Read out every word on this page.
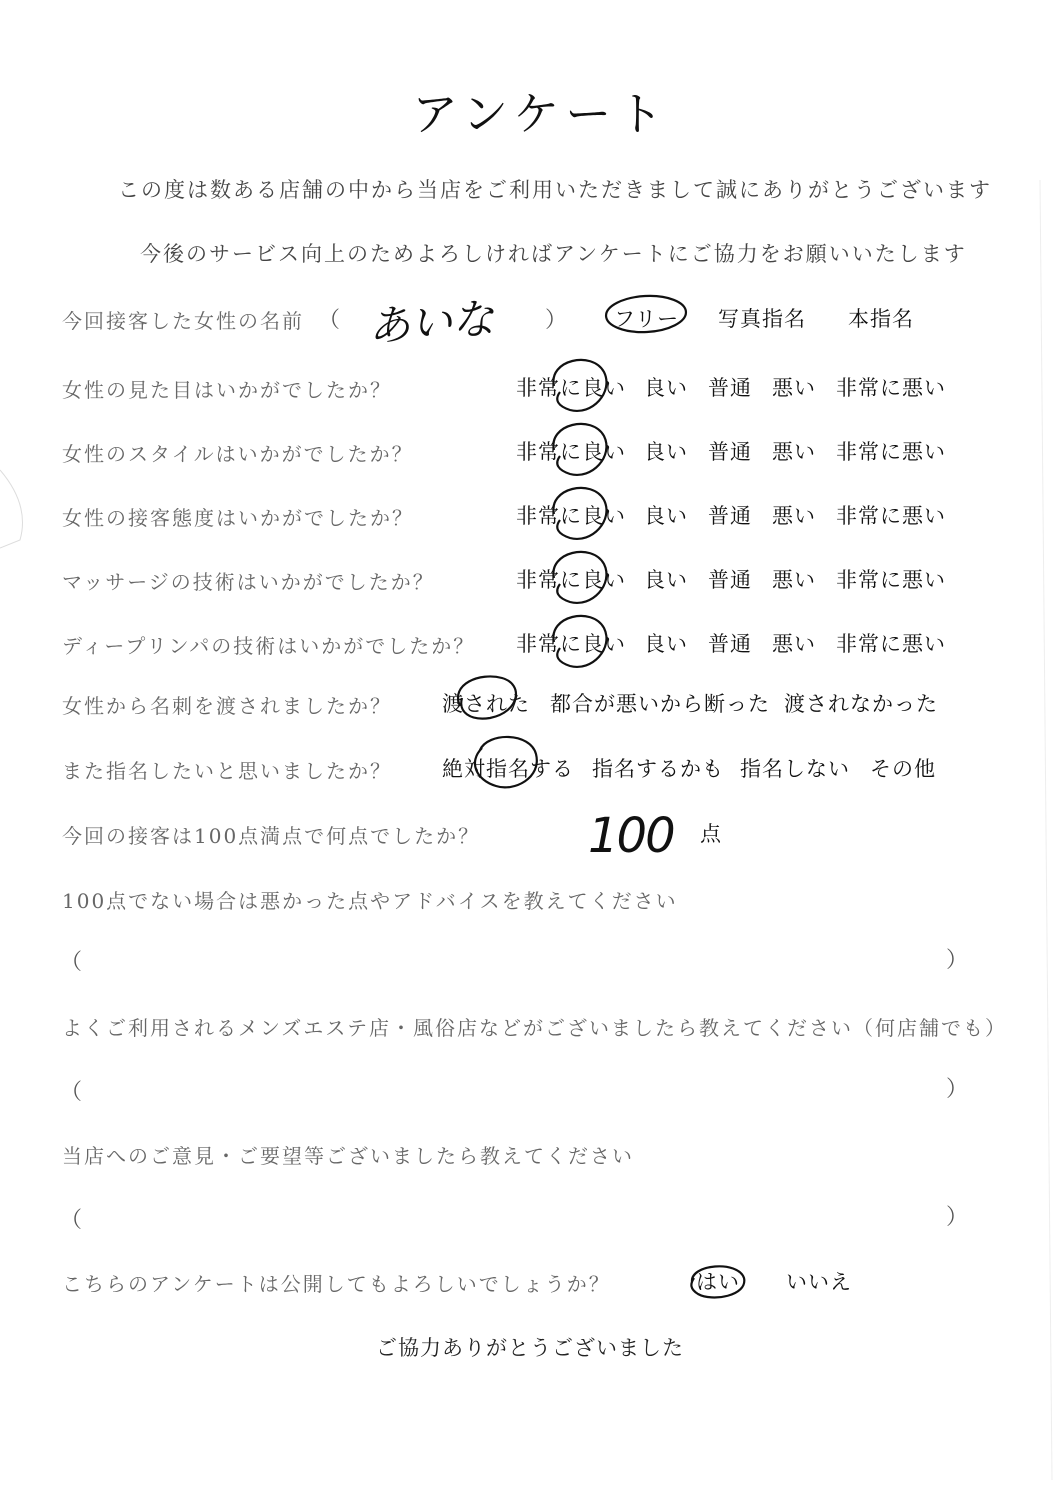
アンケート
この度は数ある店舗の中から当店をご利用いただきまして誠にありがとうございます
今後のサービス向上のためよろしければアンケートにご協力をお願いいたします
今回接客した女性の名前 （ あいな ） フリー 写真指名 本指名
女性の見た目はいかがでしたか？	非常に良い 良い 普通 悪い 非常に悪い
女性のスタイルはいかがでしたか？	非常に良い 良い 普通 悪い 非常に悪い
女性の接客態度はいかがでしたか？	非常に良い 良い 普通 悪い 非常に悪い
マッサージの技術はいかがでしたか？	非常に良い 良い 普通 悪い 非常に悪い
ディープリンパの技術はいかがでしたか？ 非常に良い 良い 普通 悪い 非常に悪い
女性から名刺を渡されましたか？ 渡された 都合が悪いから断った 渡されなかった
また指名したいと思いましたか？ 絶対指名する 指名するかも 指名しない その他
今回の接客は100点満点で何点でしたか？ 100 点
100点でない場合は悪かった点やアドバイスを教えてください
（	）
よくご利用されるメンズエステ店・風俗店などがございましたら教えてください（何店舗でも）
（	）
当店へのご意見・ご要望等ございましたら教えてください
（	）
こちらのアンケートは公開してもよろしいでしょうか？	はい いいえ
ご協力ありがとうございました
